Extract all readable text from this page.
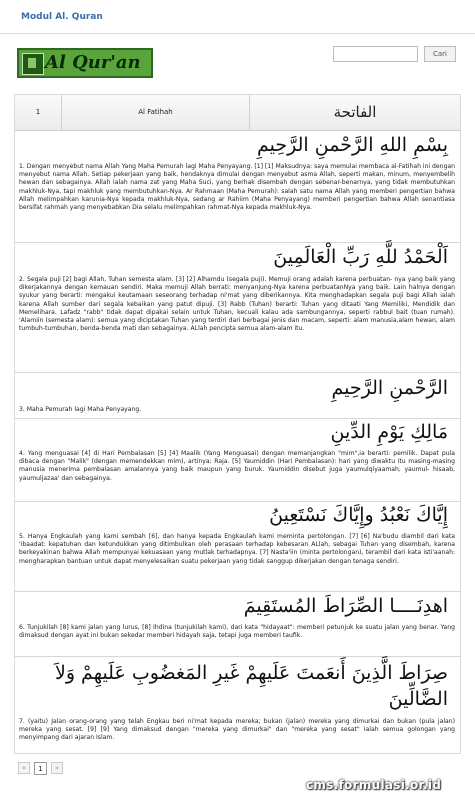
Modul Al. Quran
Al Qur'an	Cari
1	Al Fatihah	الفاتحة
بِسْمِ اللهِ الرَّحْمنِ الرَّحِيمِ

1. Dengan menyebut nama Allah Yang Maha Pemurah lagi Maha Penyayang. [1] [1] Maksudnya: saya memulai membaca al-Fatihah ini dengan menyebut nama Allah. Setiap pekerjaan yang baik, hendaknya dimulai dengan menyebut asma Allah, seperti makan, minum, menyembelih hewan dan sebagainya. Allah ialah nama zat yang Maha Suci, yang berhak disembah dengan sebenar-benarnya, yang tidak membutuhkan makhluk-Nya, tapi makhluk yang membutuhkan-Nya. Ar Rahmaan (Maha Pemurah): salah satu nama Allah yang memberi pengertian bahwa Allah melimpahkan karunia-Nya kepada makhluk-Nya, sedang ar Rahiim (Maha Penyayang) memberi pengertian bahwa Allah senantiasa bersifat rahmah yang menyebabkan Dia selalu melimpahkan rahmat-Nya kepada makhluk-Nya.

اَلْحَمْدُ للَّهِ رَبِّ الْعَالَمِينَ

2. Segala puji [2] bagi Allah, Tuhan semesta alam. [3] [2] Alhamdu (segala puji). Memuji orang adalah karena perbuatan- nya yang baik yang dikerjakannya dengan kemauan sendiri. Maka memuji Allah berrati: menyanjung-Nya karena perbuatanNya yang baik. Lain halnya dengan syukur yang berarti: mengakui keutamaan seseorang terhadap ni'mat yang diberikannya. Kita menghadapkan segala puji bagi Allah ialah karena Allah sumber dari segala kebaikan yang patut dipuji. [3] Rabb (Tuhan) berarti: Tuhan yang ditaati Yang Memiliki, Mendidik dan Memelihara. Lafadz "rabb" tidak dapat dipakai selain untuk Tuhan, kecuali kalau ada sambungannya, seperti rabbul bait (tuan rumah). 'Alamiin (semesta alam): semua yang diciptakan Tuhan yang terdiri dari berbagai jenis dan macam, seperti: alam manusia,alam hewan, alam tumbuh-tumbuhan, benda-benda mati dan sebagainya. ALlah pencipta semua alam-alam itu.

الرَّحْمنِ الرَّحِيمِ

3. Maha Pemurah lagi Maha Penyayang.

مَالِكِ يَوْمِ الدِّينِ

4. Yang menguasai [4] di Hari Pembalasan [5] [4] Maalik (Yang Menguasai) dengan memanjangkan "mim",ia berarti: pemilik. Dapat pula dibaca dengan "Malik" (dengan memendekkan mim), artinya: Raja. [5] Yaumiddin (Hari Pembalasan): hari yang diwaktu itu masing-masing manusia menerima pembalasan amalannya yang baik maupun yang buruk. Yaumiddin disebut juga yaumulqiyaamah, yaumul- hisaab, yaumuljazaa' dan sebagainya.

إِيَّاكَ نَعْبُدُ وإِيَّاكَ نَسْتَعِينُ

5. Hanya Engkaulah yang kami sembah [6], dan hanya kepada Engkaulah kami meminta pertolongan. [7] [6] Na'budu diambil dari kata 'ibaadat: kepatuhan dan ketundukkan yang ditimbulkan oleh perasaan terhadap kebesaran ALlah, sebagai Tuhan yang disembah, karena berkeyakinan bahwa Allah mempunyai kekuasaan yang mutlak terhadapnya. [7] Nasta'iin (minta pertolongan), terambil dari kata isti'aanah: mengharapkan bantuan untuk dapat menyelesaikan suatu pekerjaan yang tidak sanggup dikerjakan dengan tenaga sendiri.

اهدِنَــــا الصِّرَاطَ المُستَقِيمَ

6. Tunjukilah [8] kami jalan yang lurus, [8] Ihdina (tunjukilah kami), dari kata "hidayaat": memberi petunjuk ke suatu jalan yang benar. Yang dimaksud dengan ayat ini bukan sekedar memberi hidayah saja, tetapi juga memberi taufik.

صِرَاطَ الَّذِينَ أَنعَمتَ عَلَيهِمْ غَيرِ المَغضُوبِ عَلَيهِمْ وَلاَ الضَّالِّينَ

7. (yaitu) Jalan orang-orang yang telah Engkau beri ni'mat kepada mereka; bukan (jalan) mereka yang dimurkai dan bukan (pula jalan) mereka yang sesat. [9] [9] Yang dimaksud dengan "mereka yang dimurkai" dan "mereka yang sesat" ialah semua golongan yang menyimpang dari ajaran Islam.

«	1	»
cms.formulasi.or.id
